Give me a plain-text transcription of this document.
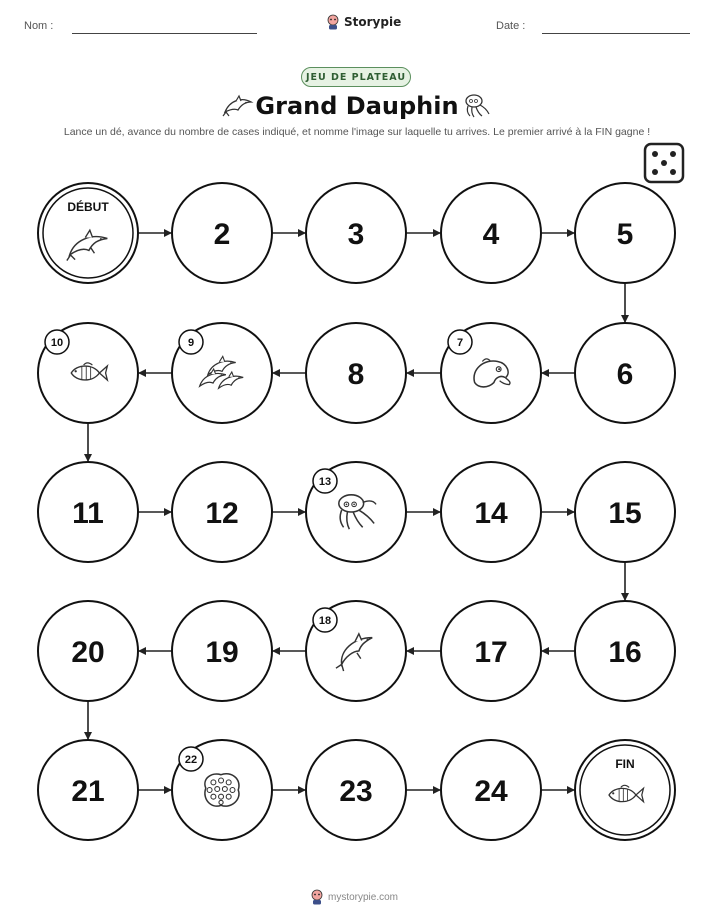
Nom :	Storypie	Date :
JEU DE PLATEAU
Grand Dauphin
Lance un dé, avance du nombre de cases indiqué, et nomme l'image sur laquelle tu arrives. Le premier arrivé à la FIN gagne !
DÉBUT
2	3	4	5
6
7
8
9
10
11	12
13
14	15
16
17
18
19
20
21
22
23	24
FIN
mystorypie.com
